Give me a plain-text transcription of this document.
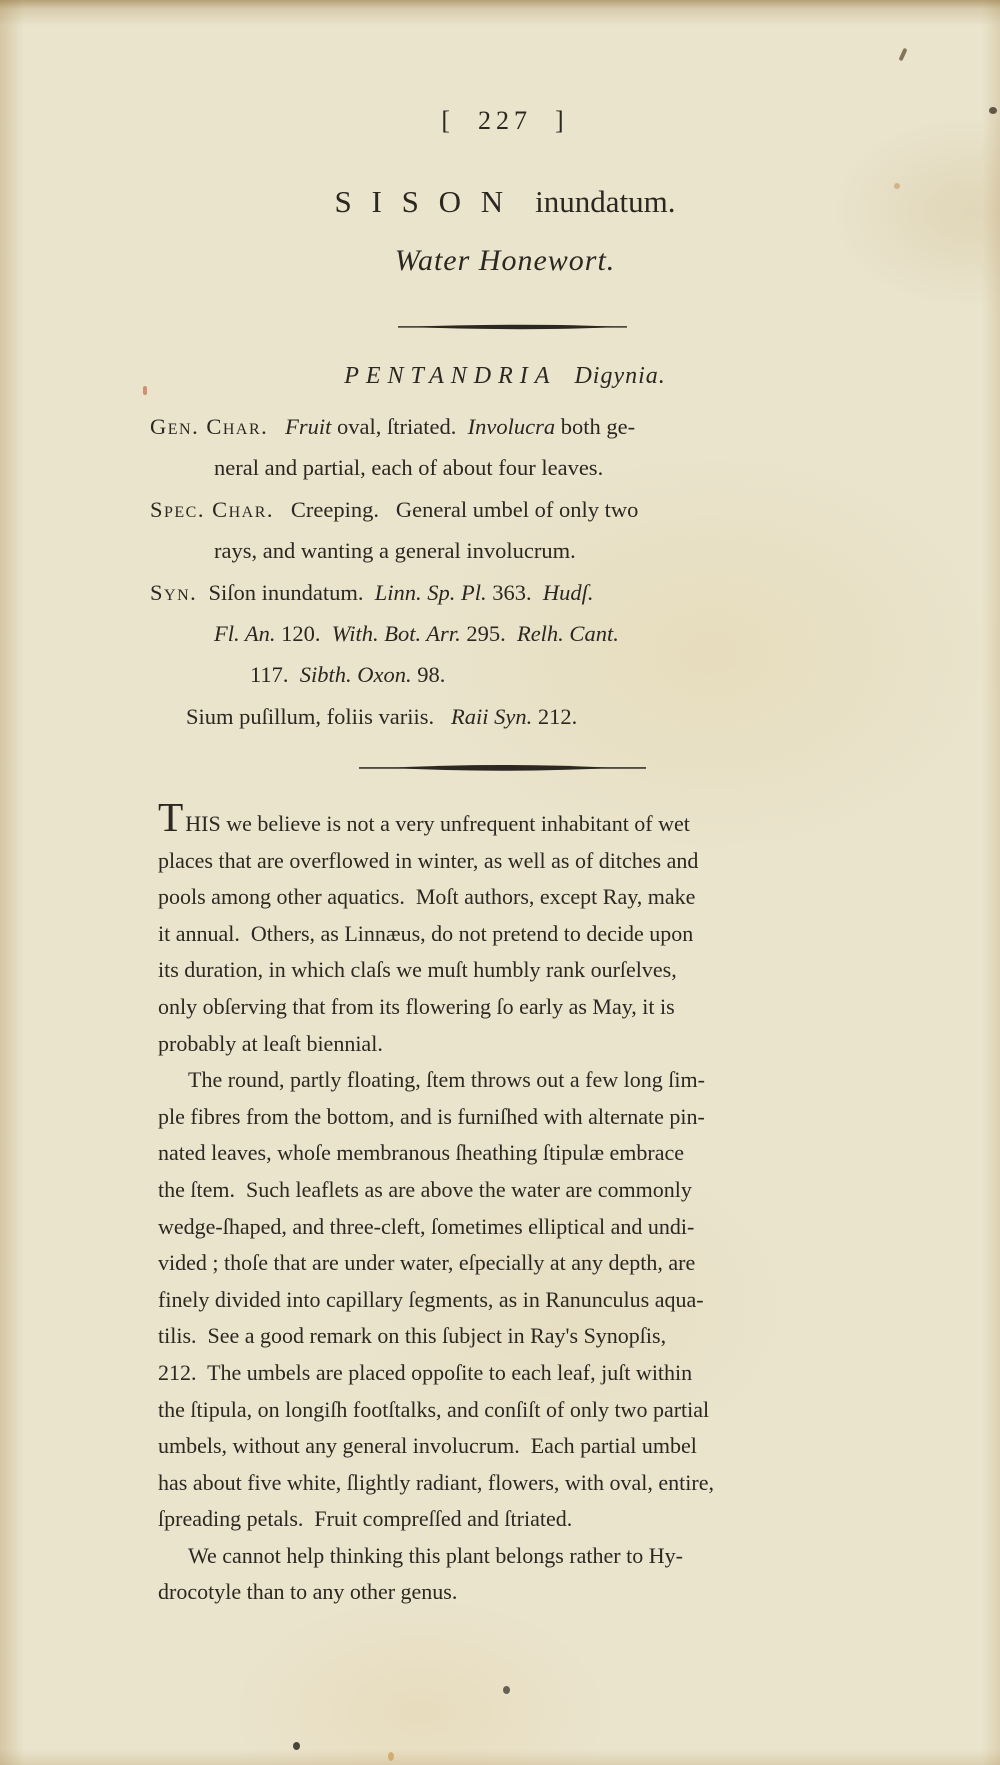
[  227  ]
S I S O N inundatum.
Water Honewort.
PENTANDRIA Digynia.
Gen. Char. Fruit oval, ſtriated.  Involucra both ge-
neral and partial, each of about four leaves.
Spec. Char.   Creeping.   General umbel of only two
rays, and wanting a general involucrum.
Syn.  Siſon inundatum.  Linn. Sp. Pl. 363.  Hudſ.
Fl. An. 120.  With. Bot. Arr. 295.  Relh. Cant.
117.  Sibth. Oxon. 98.
Sium puſillum, foliis variis.   Raii Syn. 212.
THIS we believe is not a very unfrequent inhabitant of wet
places that are overflowed in winter, as well as of ditches and
pools among other aquatics.  Moſt authors, except Ray, make
it annual.  Others, as Linnæus, do not pretend to decide upon
its duration, in which claſs we muſt humbly rank ourſelves,
only obſerving that from its flowering ſo early as May, it is
probably at leaſt biennial.
The round, partly floating, ſtem throws out a few long ſim-
ple fibres from the bottom, and is furniſhed with alternate pin-
nated leaves, whoſe membranous ſheathing ſtipulæ embrace
the ſtem.  Such leaflets as are above the water are commonly
wedge-ſhaped, and three-cleft, ſometimes elliptical and undi-
vided ; thoſe that are under water, eſpecially at any depth, are
finely divided into capillary ſegments, as in Ranunculus aqua-
tilis.  See a good remark on this ſubject in Ray's Synopſis,
212.  The umbels are placed oppoſite to each leaf, juſt within
the ſtipula, on longiſh footſtalks, and conſiſt of only two partial
umbels, without any general involucrum.  Each partial umbel
has about five white, ſlightly radiant, flowers, with oval, entire,
ſpreading petals.  Fruit compreſſed and ſtriated.
We cannot help thinking this plant belongs rather to Hy-
drocotyle than to any other genus.
